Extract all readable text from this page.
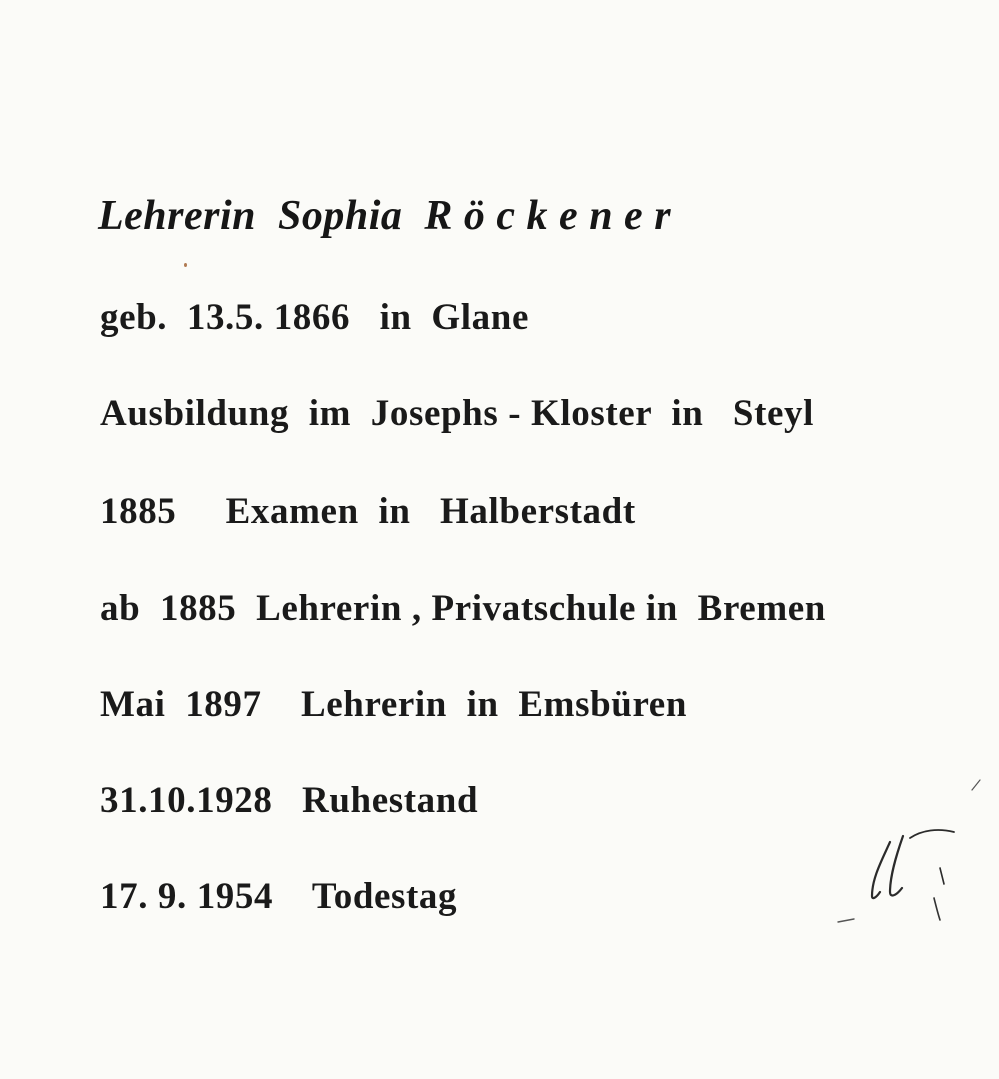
Lehrerin  Sophia  R ö c k e n e r
geb.  13.5. 1866   in  Glane
Ausbildung  im  Josephs - Kloster  in   Steyl
1885     Examen  in   Halberstadt
ab  1885  Lehrerin , Privatschule in  Bremen
Mai  1897    Lehrerin  in  Emsbüren
31.10.1928   Ruhestand
17. 9. 1954    Todestag
